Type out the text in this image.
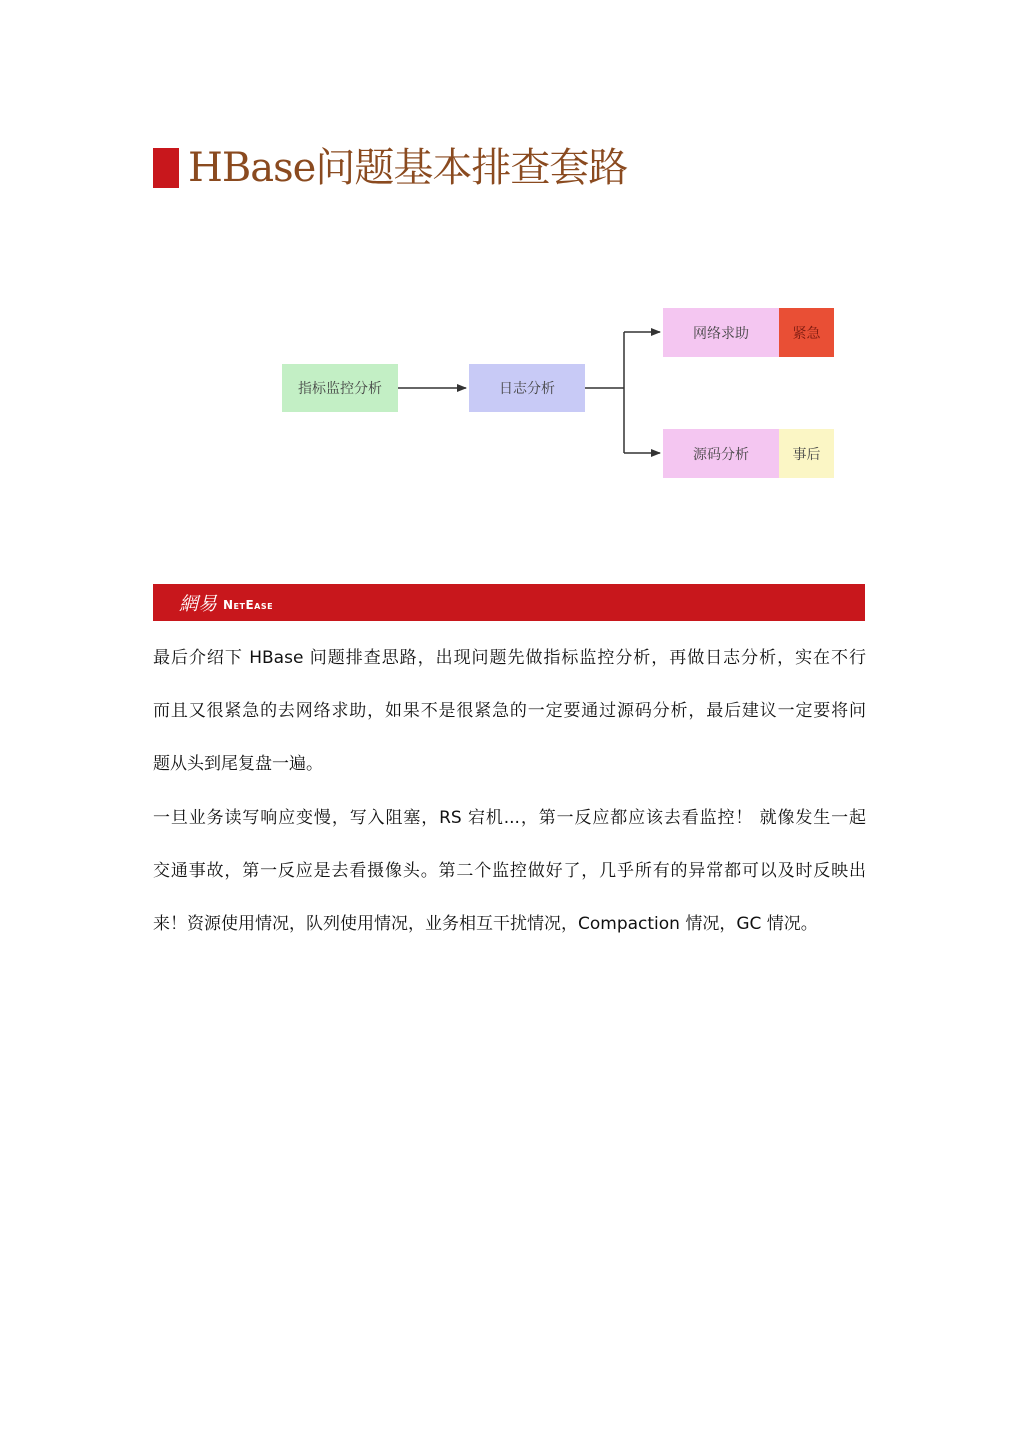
HBase问题基本排查套路
指标监控分析	日志分析
网络求助	紧急
源码分析	事后
網易 NetEase
最后介绍下 HBase 问题排查思路，出现问题先做指标监控分析，再做日志分析，实在不行
而且又很紧急的去网络求助，如果不是很紧急的一定要通过源码分析，最后建议一定要将问
题从头到尾复盘一遍。
一旦业务读写响应变慢，写入阻塞，RS 宕机...，第一反应都应该去看监控！ 就像发生一起
交通事故，第一反应是去看摄像头。第二个监控做好了，几乎所有的异常都可以及时反映出
来！资源使用情况，队列使用情况，业务相互干扰情况，Compaction 情况，GC 情况。
